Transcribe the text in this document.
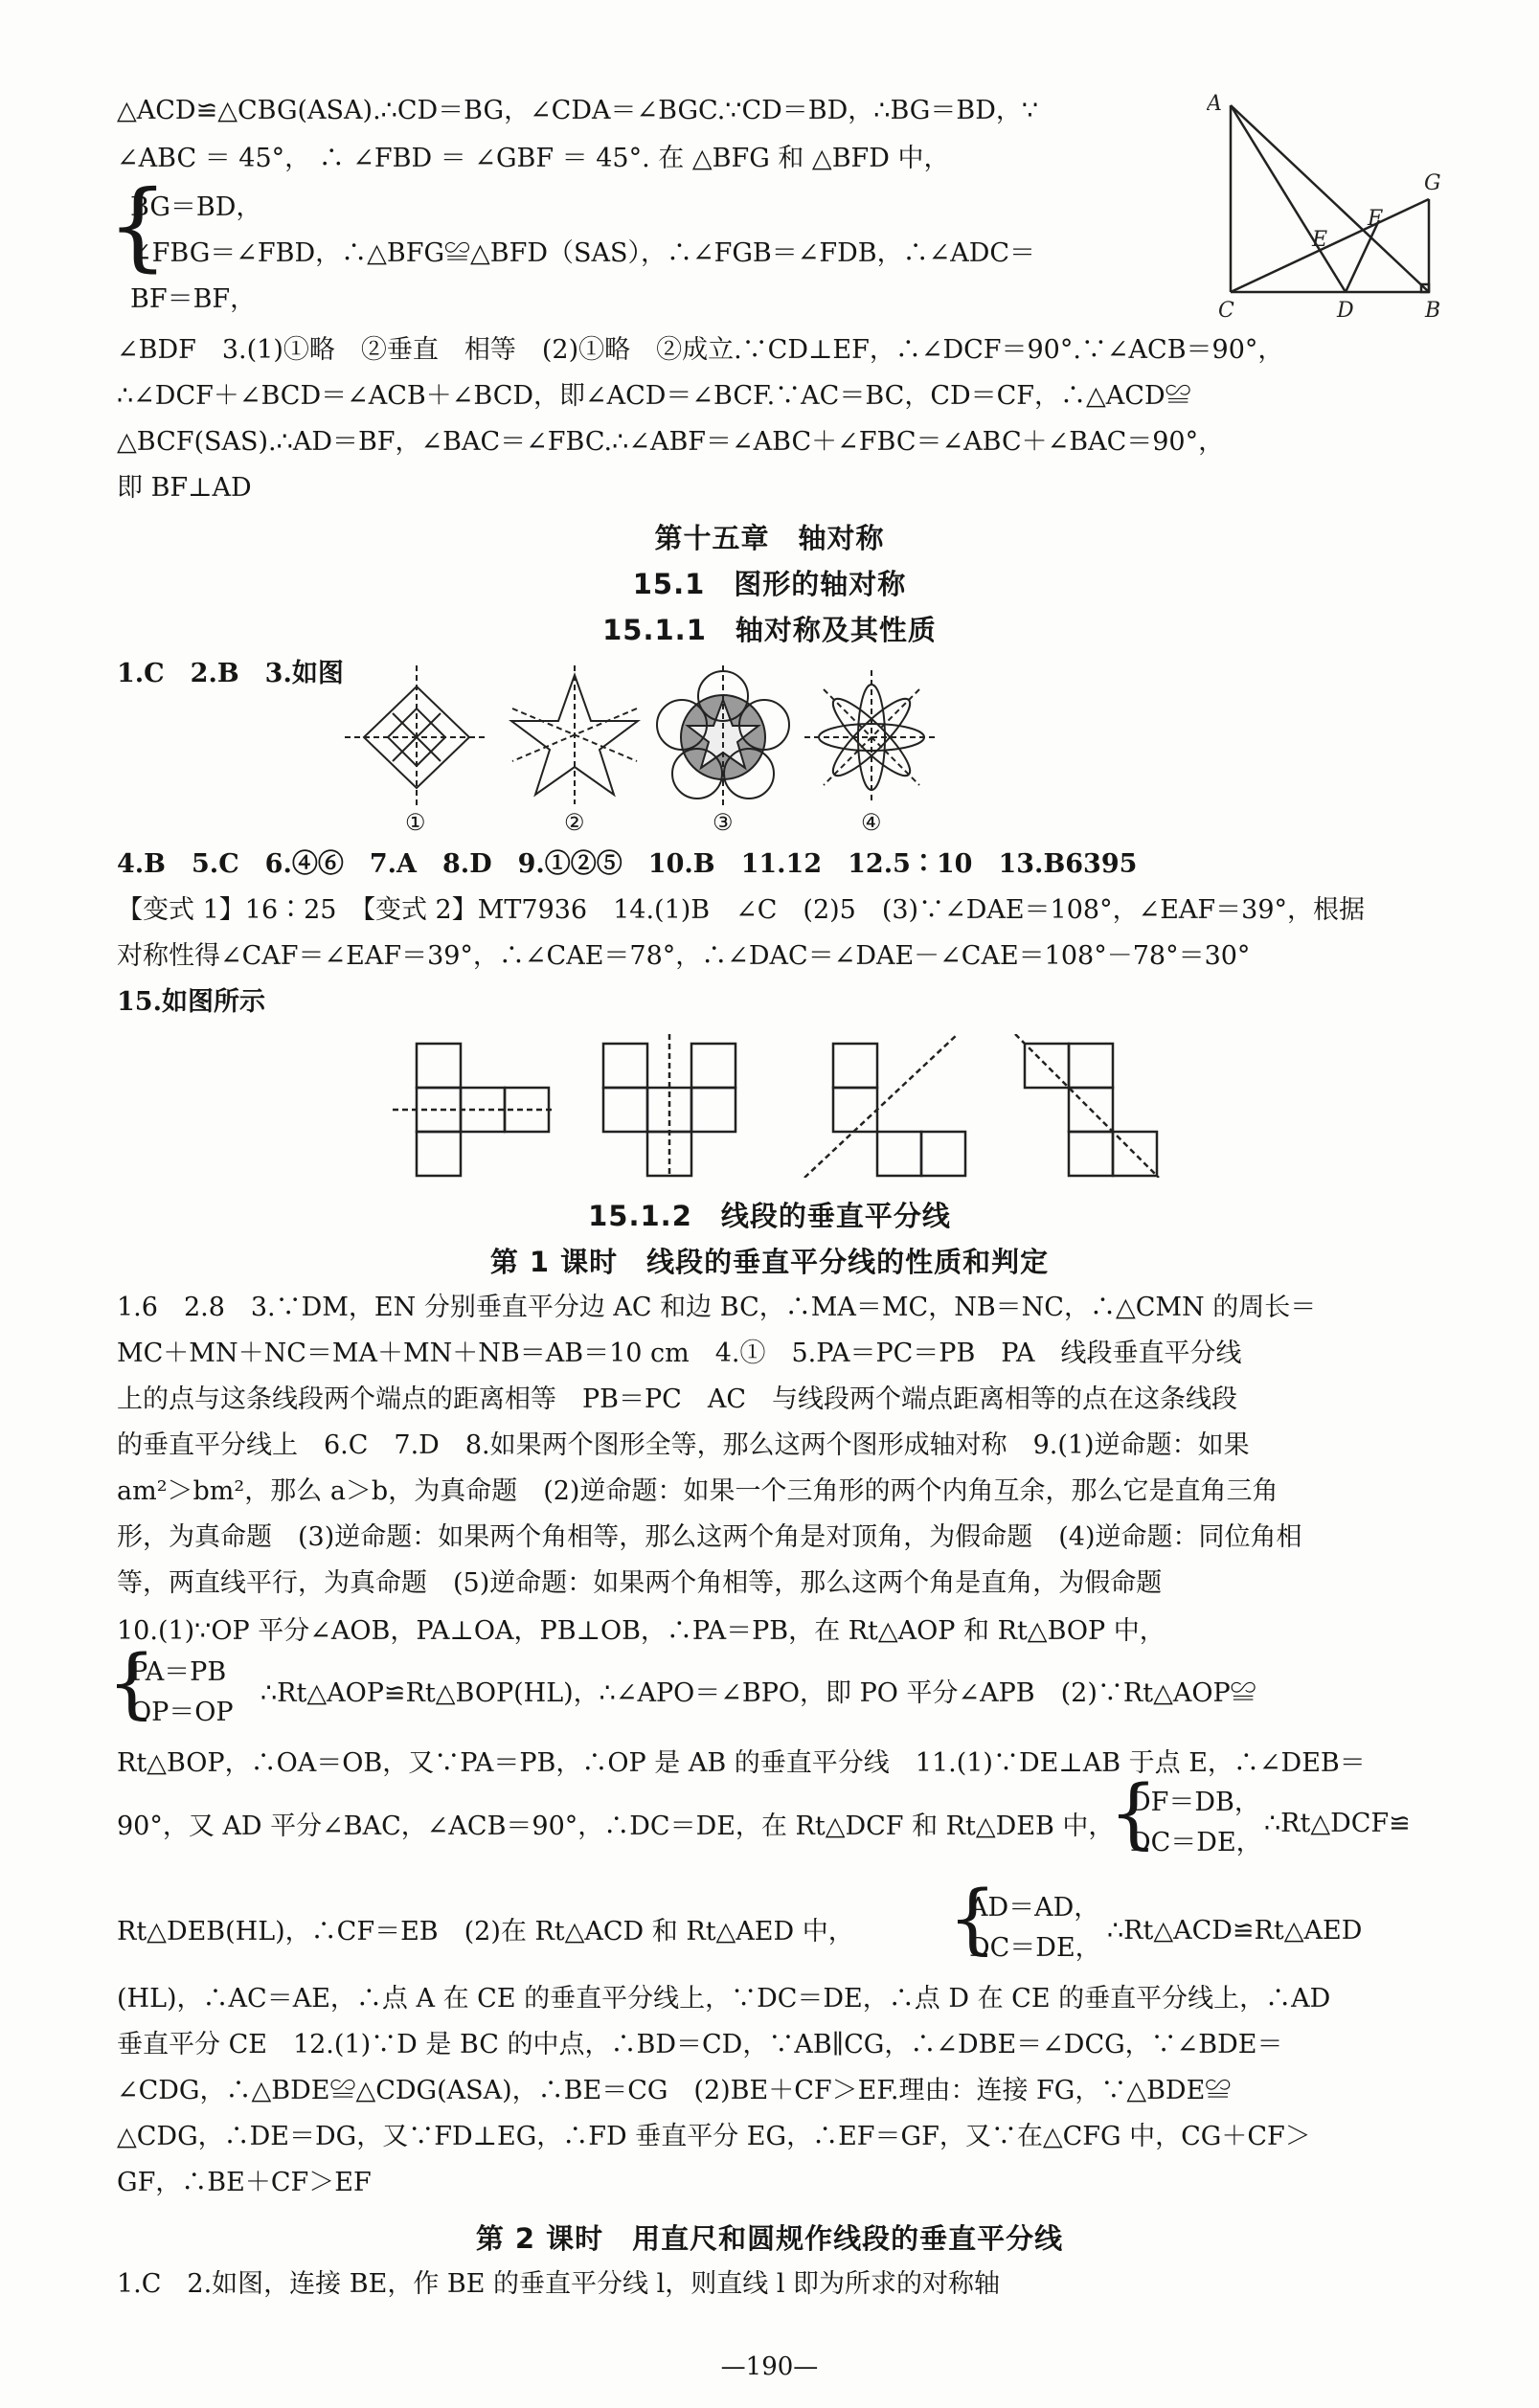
△ACD≌△CBG(ASA).∴CD＝BG，∠CDA＝∠BGC.∵CD＝BD，∴BG＝BD，∵
∠ABC ＝ 45°， ∴ ∠FBD ＝ ∠GBF ＝ 45°. 在 △BFG 和 △BFD 中，
{
BG＝BD，
∠FBG＝∠FBD，∴△BFG≌△BFD（SAS），∴∠FGB＝∠FDB，∴∠ADC＝
BF＝BF，
∠BDF　3.(1)①略　②垂直　相等　(2)①略　②成立.∵CD⊥EF，∴∠DCF＝90°.∵∠ACB＝90°，
∴∠DCF＋∠BCD＝∠ACB＋∠BCD，即∠ACD＝∠BCF.∵AC＝BC，CD＝CF，∴△ACD≌
△BCF(SAS).∴AD＝BF，∠BAC＝∠FBC.∴∠ABF＝∠ABC＋∠FBC＝∠ABC＋∠BAC＝90°，
即 BF⊥AD
A
G
E
F
C	D	B
第十五章　轴对称
15.1　图形的轴对称
15.1.1　轴对称及其性质
1.C　2.B　3.如图
①	②	③	④
4.B　5.C　6.④⑥　7.A　8.D　9.①②⑤　10.B　11.12　12.5∶10　13.B6395
【变式 1】16∶25　【变式 2】MT7936　14.(1)B　∠C　(2)5　(3)∵∠DAE＝108°，∠EAF＝39°，根据
对称性得∠CAF＝∠EAF＝39°，∴∠CAE＝78°，∴∠DAC＝∠DAE－∠CAE＝108°－78°＝30°
15.如图所示
15.1.2　线段的垂直平分线
第 1 课时　线段的垂直平分线的性质和判定
1.6　2.8　3.∵DM，EN 分别垂直平分边 AC 和边 BC，∴MA＝MC，NB＝NC，∴△CMN 的周长＝
MC＋MN＋NC＝MA＋MN＋NB＝AB＝10 cm　4.①　5.PA＝PC＝PB　PA　线段垂直平分线
上的点与这条线段两个端点的距离相等　PB＝PC　AC　与线段两个端点距离相等的点在这条线段
的垂直平分线上　6.C　7.D　8.如果两个图形全等，那么这两个图形成轴对称　9.(1)逆命题：如果
am²＞bm²，那么 a＞b，为真命题　(2)逆命题：如果一个三角形的两个内角互余，那么它是直角三角
形，为真命题　(3)逆命题：如果两个角相等，那么这两个角是对顶角，为假命题　(4)逆命题：同位角相
等，两直线平行，为真命题　(5)逆命题：如果两个角相等，那么这两个角是直角，为假命题
10.(1)∵OP 平分∠AOB，PA⊥OA，PB⊥OB，∴PA＝PB，在 Rt△AOP 和 Rt△BOP 中，
{
PA＝PB
OP＝OP
∴Rt△AOP≌Rt△BOP(HL)，∴∠APO＝∠BPO，即 PO 平分∠APB　(2)∵Rt△AOP≌
Rt△BOP，∴OA＝OB，又∵PA＝PB，∴OP 是 AB 的垂直平分线　11.(1)∵DE⊥AB 于点 E，∴∠DEB＝
90°，又 AD 平分∠BAC，∠ACB＝90°，∴DC＝DE，在 Rt△DCF 和 Rt△DEB 中，
{
DF＝DB，
DC＝DE，
∴Rt△DCF≌
Rt△DEB(HL)，∴CF＝EB　(2)在 Rt△ACD 和 Rt△AED 中， {
AD＝AD，
DC＝DE，
∴Rt△ACD≌Rt△AED
(HL)，∴AC＝AE，∴点 A 在 CE 的垂直平分线上，∵DC＝DE，∴点 D 在 CE 的垂直平分线上，∴AD
垂直平分 CE　12.(1)∵D 是 BC 的中点，∴BD＝CD，∵AB∥CG，∴∠DBE＝∠DCG，∵∠BDE＝
∠CDG，∴△BDE≌△CDG(ASA)，∴BE＝CG　(2)BE＋CF＞EF.理由：连接 FG，∵△BDE≌
△CDG，∴DE＝DG，又∵FD⊥EG，∴FD 垂直平分 EG，∴EF＝GF，又∵在△CFG 中，CG＋CF＞
GF，∴BE＋CF＞EF
第 2 课时　用直尺和圆规作线段的垂直平分线
1.C　2.如图，连接 BE，作 BE 的垂直平分线 l，则直线 l 即为所求的对称轴
—190—
